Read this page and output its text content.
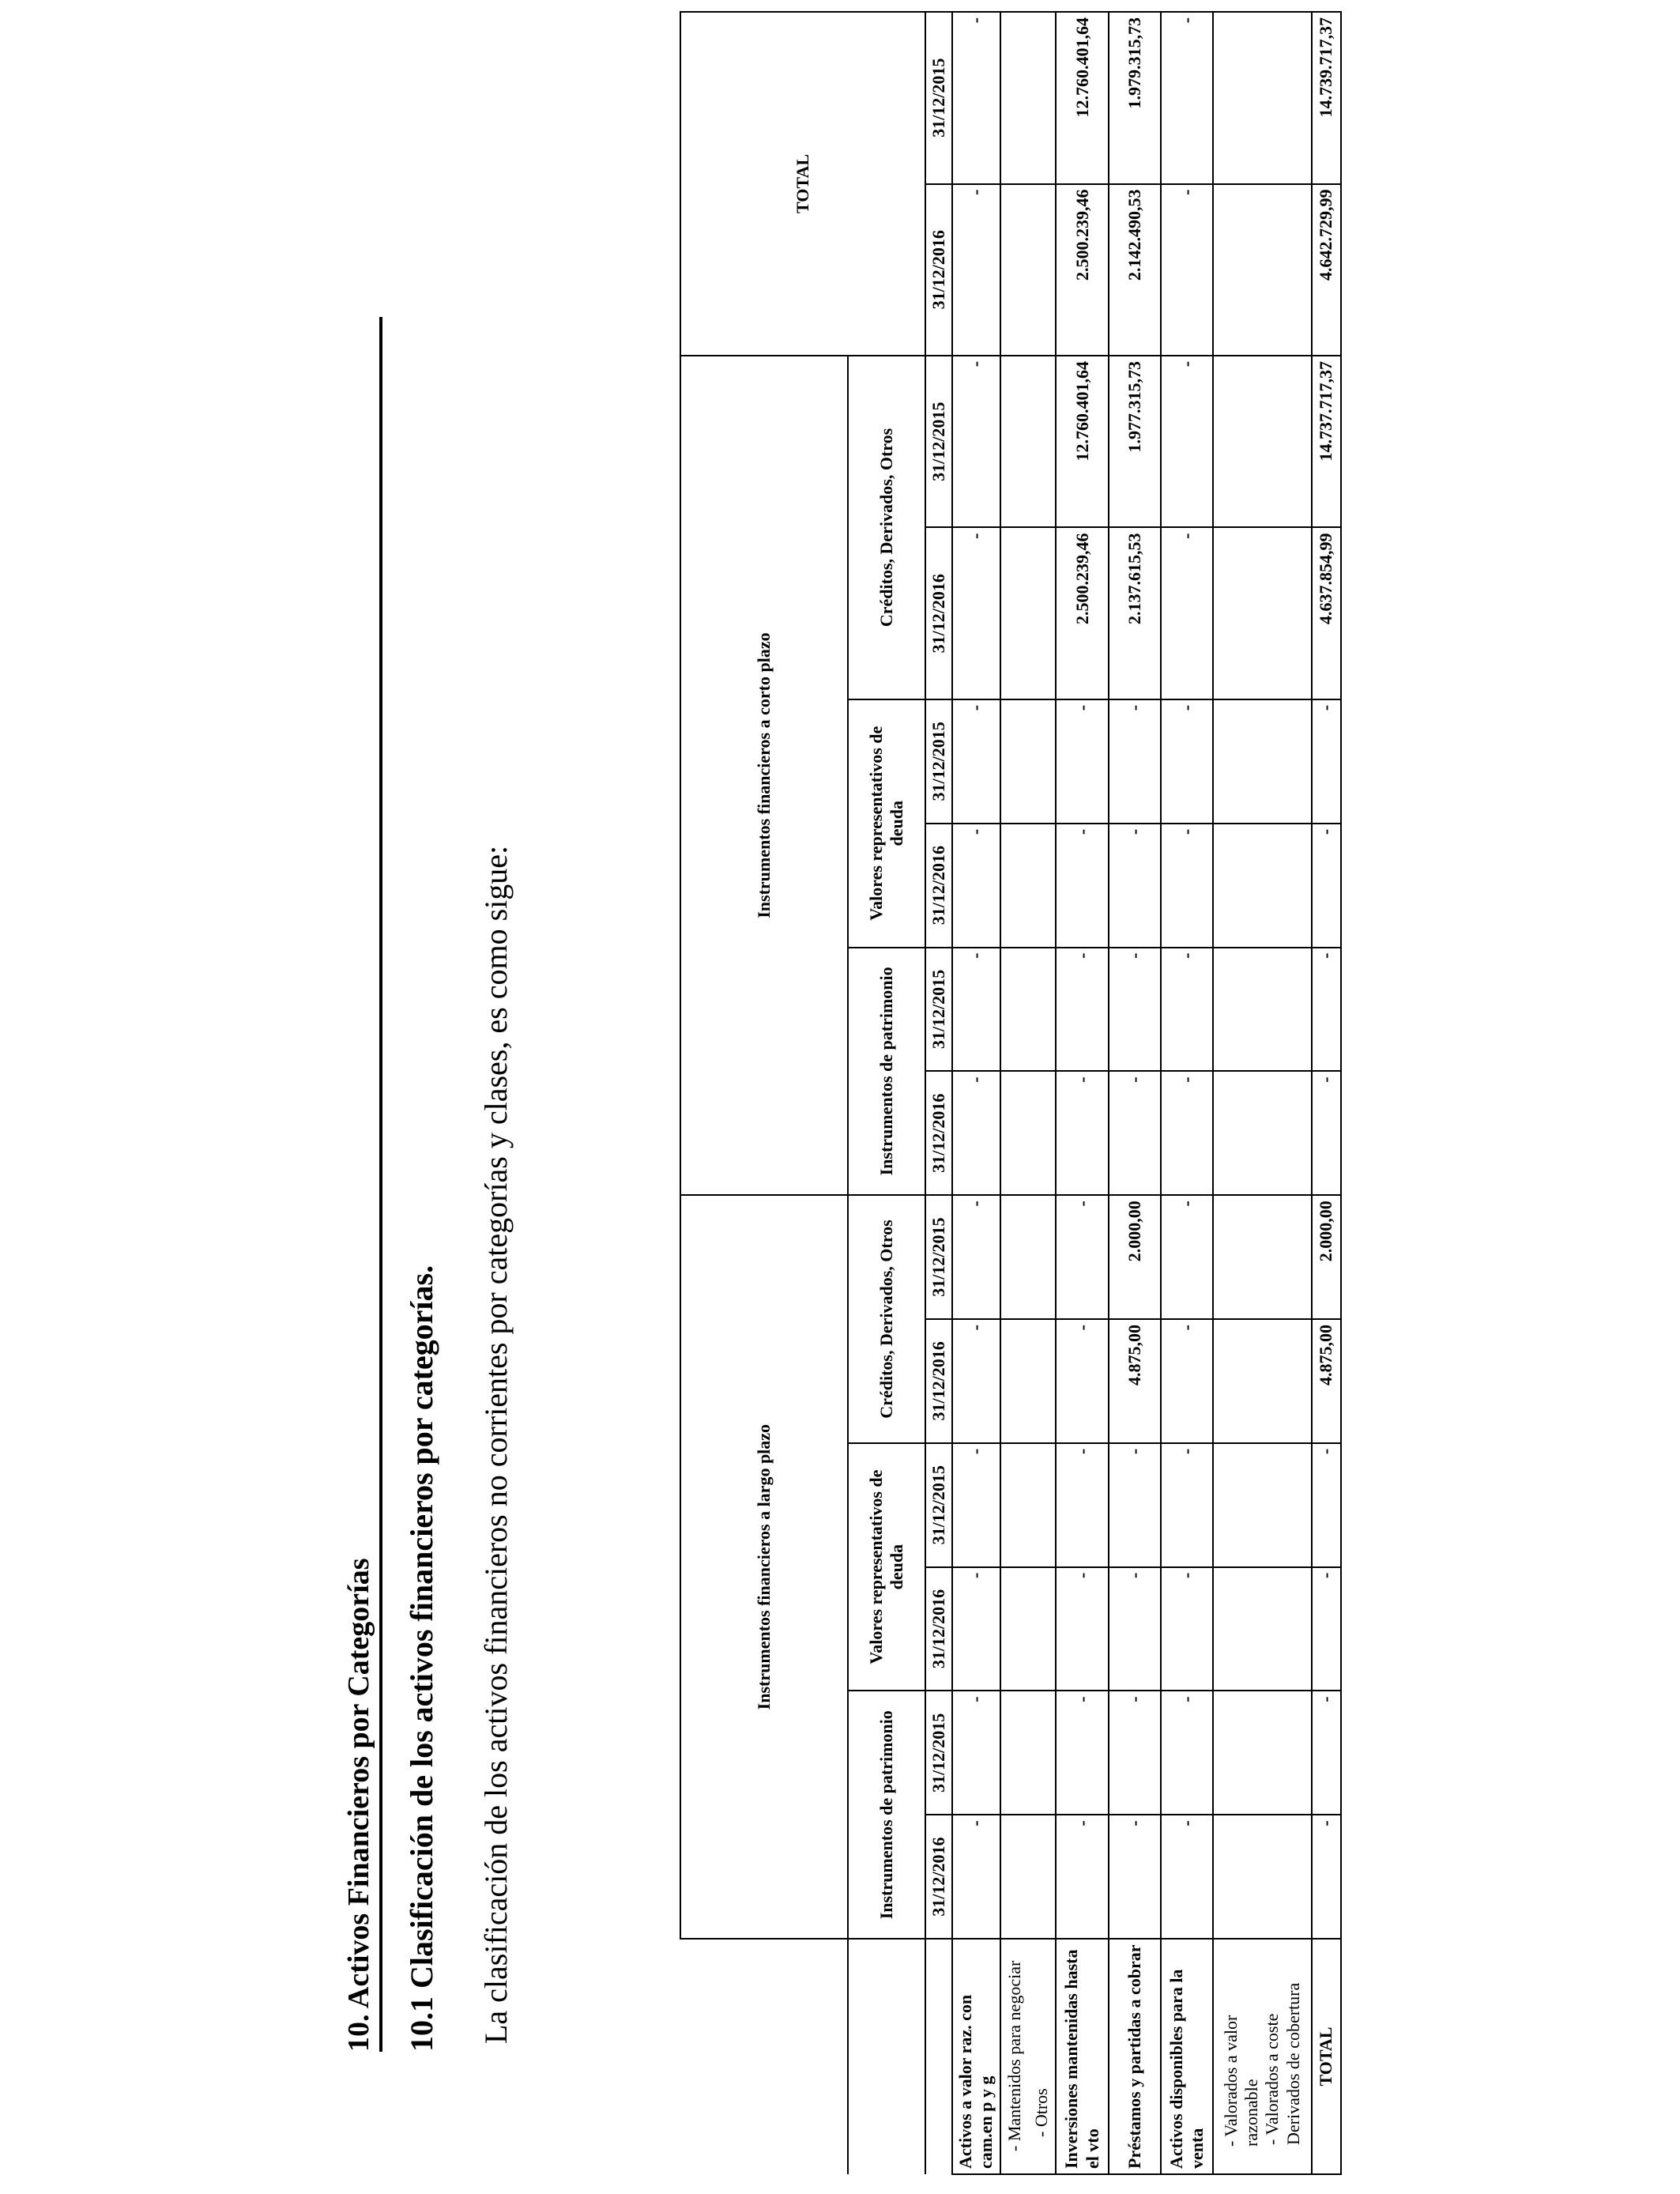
10. Activos Financieros por Categorías 10.1 Clasificación de los activos financieros por categorías. La clasificación de los activos financieros no corrientes por categorías y clases, es como sigue:

		Instrumentos financieros a largo plazo						Instrumentos financieros a corto plazo						TOTAL	
	Instrumentos de patrimonio		Valores representativos de deuda		Créditos, Derivados, Otros		Instrumentos de patrimonio		Valores representativos de deuda		Créditos, Derivados, Otros			
	31/12/2016	31/12/2015	31/12/2016	31/12/2015	31/12/2016	31/12/2015	31/12/2016	31/12/2015	31/12/2016	31/12/2015	31/12/2016	31/12/2015	31/12/2016	31/12/2015
Activos a valor raz. con cam.en p y g	-	-	-	-	-	-	-	-	-	-	-	-	-	-
- Mantenidos para negociar														
- Otros														
Inversiones mantenidas hasta el vto	-	-	-	-	-	-	-	-	-	-	2.500.239,46	12.760.401,64	2.500.239,46	12.760.401,64
Préstamos y partidas a cobrar	-	-	-	-	4.875,00	2.000,00	-	-	-	-	2.137.615,53	1.977.315,73	2.142.490,53	1.979.315,73
Activos disponibles para la venta	-	-	-	-	-	-	-	-	-	-	-	-	-	-

- Valorados a valor razonable - Valorados a coste Derivados de cobertura														

TOTAL	-	-	-	-	4.875,00	2.000,00	-	-	-	-	4.637.854,99	14.737.717,37	4.642.729,99	14.739.717,37
